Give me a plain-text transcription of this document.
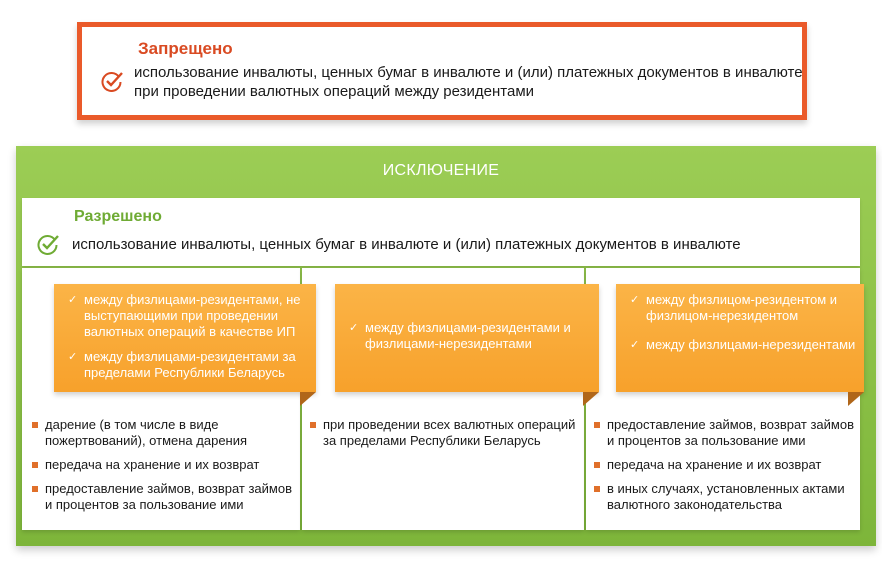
Запрещено
использование инвалюты, ценных бумаг в инвалюте и (или) платежных документов в инвалюте при проведении валютных операций между резидентами
ИСКЛЮЧЕНИЕ
Разрешено
использование инвалюты, ценных бумаг в инвалюте и (или) платежных документов в инвалюте
✓ между физлицами-резидентами, не выступающими при проведении валютных операций в качестве ИП
✓ между физлицами-резидентами за пределами Республики Беларусь
✓ между физлицами-резидентами и физлицами-нерезидентами
✓ между физлицом-резидентом и физлицом-нерезидентом
✓ между физлицами-нерезидентами
дарение (в том числе в виде пожертвований), отмена дарения
передача на хранение и их возврат
предоставление займов, возврат займов и процентов за пользование ими
при проведении всех валютных операций за пределами Республики Беларусь
предоставление займов, возврат займов и процентов за пользование ими
передача на хранение и их возврат
в иных случаях, установленных актами валютного законодательства
